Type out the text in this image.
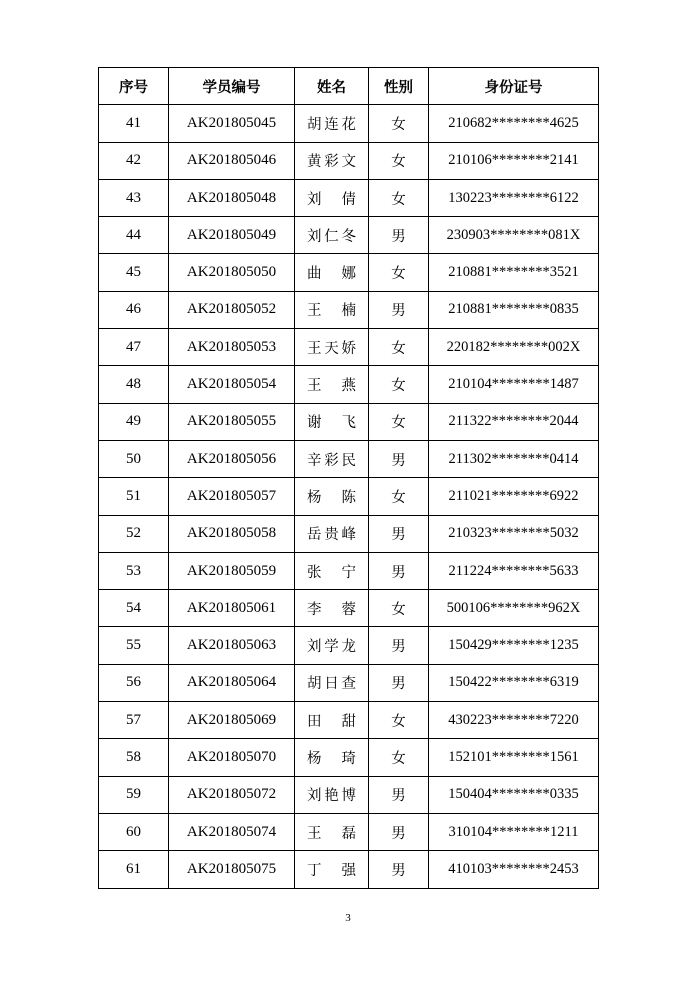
序号	学员编号	姓名	性别	身份证号
41	AK201805045	胡连花	女	210682********4625
42	AK201805046	黄彩文	女	210106********2141
43	AK201805048	刘倩	女	130223********6122
44	AK201805049	刘仁冬	男	230903********081X
45	AK201805050	曲娜	女	210881********3521
46	AK201805052	王楠	男	210881********0835
47	AK201805053	王天娇	女	220182********002X
48	AK201805054	王燕	女	210104********1487
49	AK201805055	谢飞	女	211322********2044
50	AK201805056	辛彩民	男	211302********0414
51	AK201805057	杨陈	女	211021********6922
52	AK201805058	岳贵峰	男	210323********5032
53	AK201805059	张宁	男	211224********5633
54	AK201805061	李蓉	女	500106********962X
55	AK201805063	刘学龙	男	150429********1235
56	AK201805064	胡日查	男	150422********6319
57	AK201805069	田甜	女	430223********7220
58	AK201805070	杨琦	女	152101********1561
59	AK201805072	刘艳博	男	150404********0335
60	AK201805074	王磊	男	310104********1211
61	AK201805075	丁强	男	410103********2453
3
